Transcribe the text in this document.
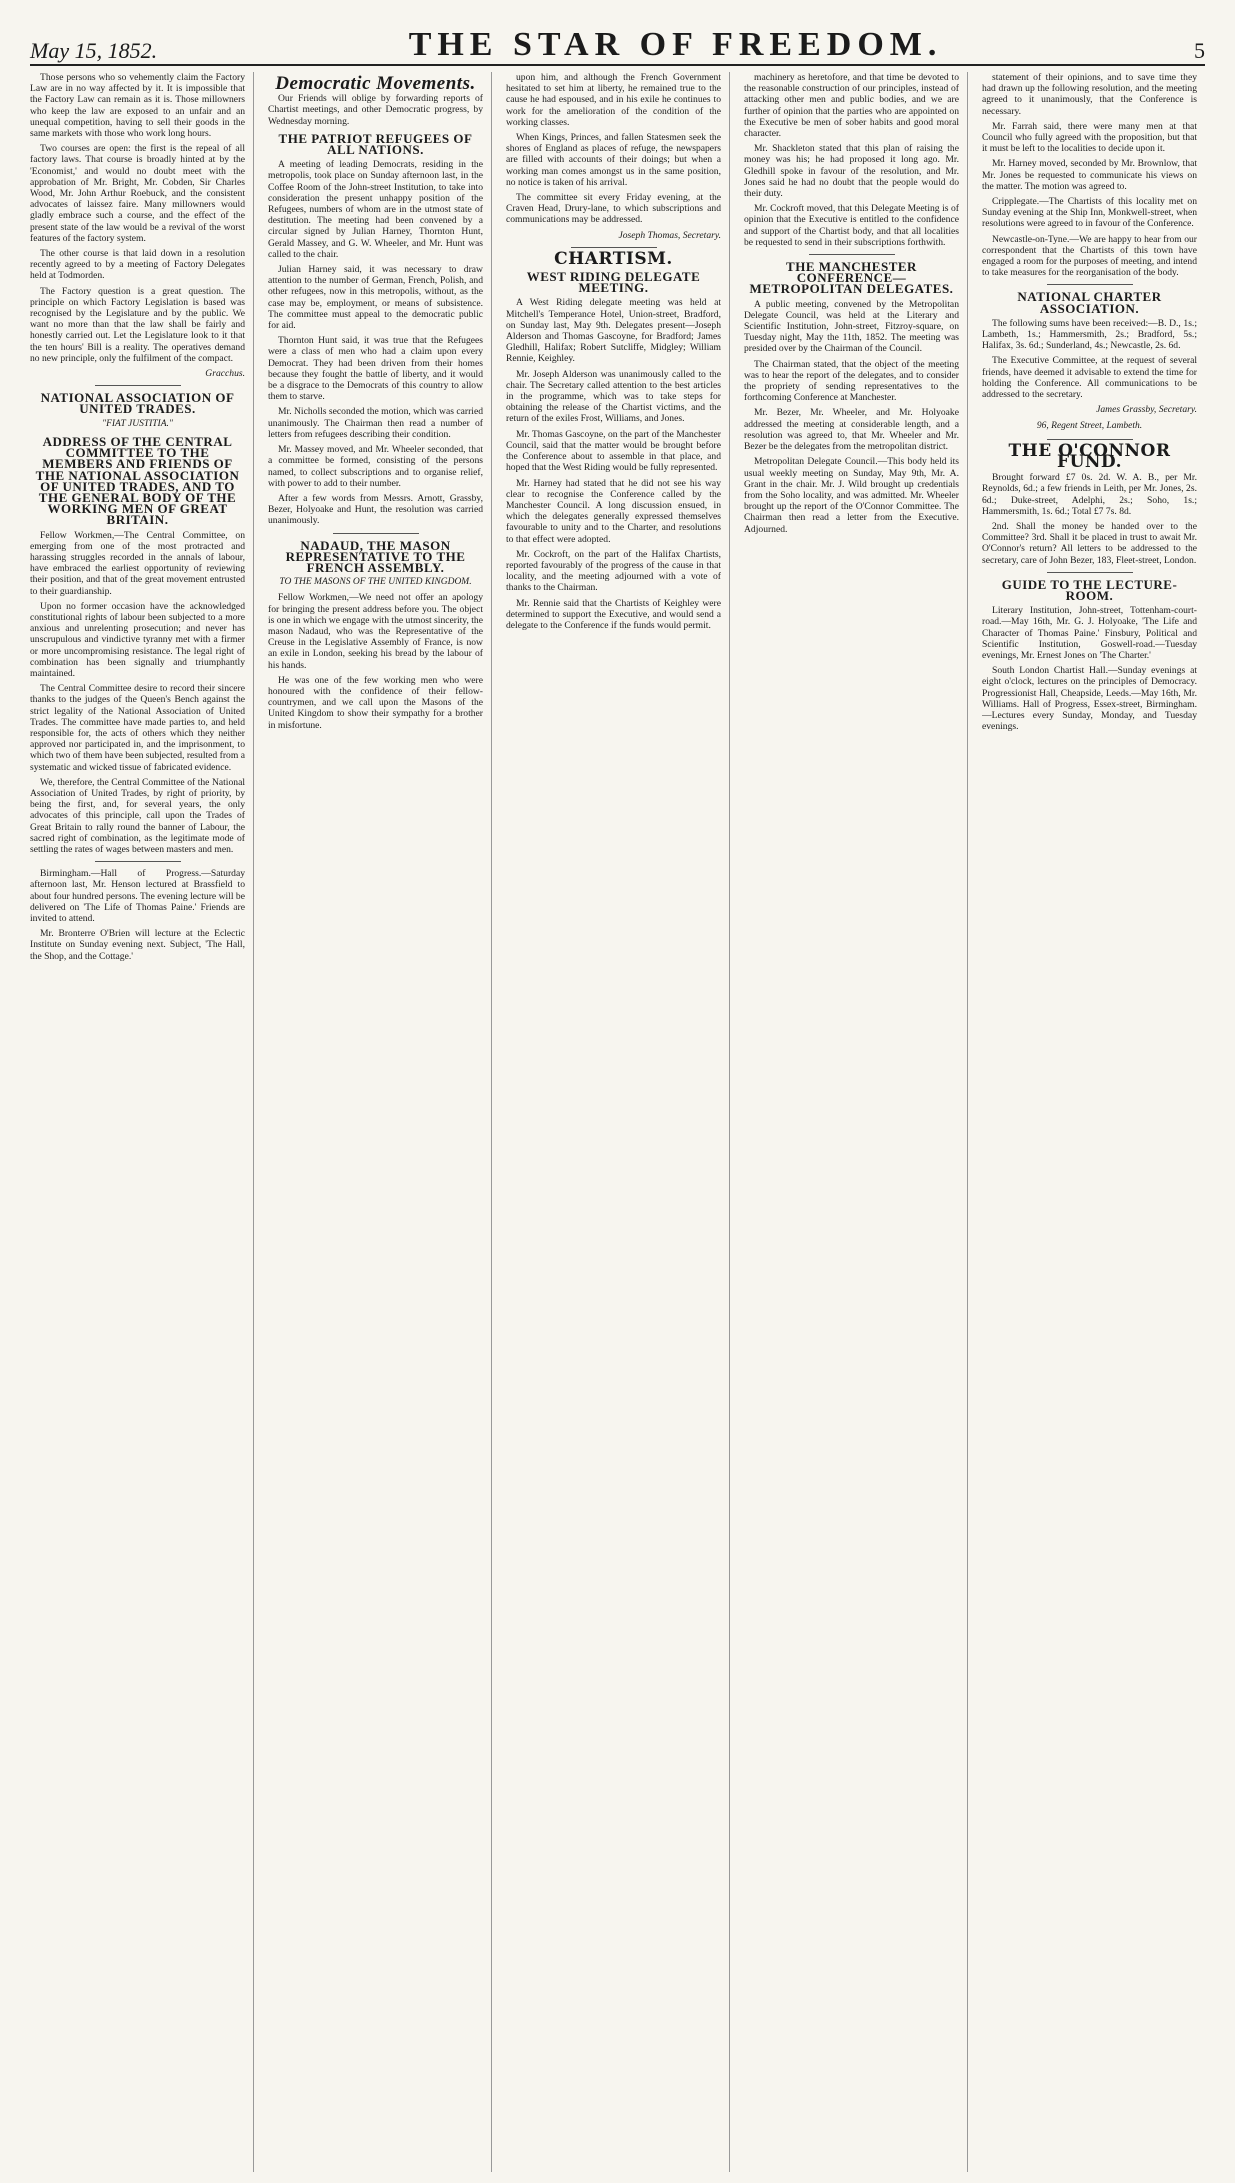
May 15, 1852.	THE STAR OF FREEDOM.	5

Those persons who so vehemently claim the Factory Law are in no way affected by it. It is impossible that the Factory Law can remain as it is. Those millowners who keep the law are exposed to an unfair and an unequal competition, having to sell their goods in the same markets with those who work long hours.

Two courses are open: the first is the repeal of all factory laws. That course is broadly hinted at by the 'Economist,' and would no doubt meet with the approbation of Mr. Bright, Mr. Cobden, Sir Charles Wood, Mr. John Arthur Roebuck, and the consistent advocates of laissez faire. Many millowners would gladly embrace such a course, and the effect of the present state of the law would be a revival of the worst features of the factory system.

The other course is that laid down in a resolution recently agreed to by a meeting of Factory Delegates held at Todmorden.

The Factory question is a great question. The principle on which Factory Legislation is based was recognised by the Legislature and by the public. We want no more than that the law shall be fairly and honestly carried out. Let the Legislature look to it that the ten hours' Bill is a reality. The operatives demand no new principle, only the fulfilment of the compact.

Gracchus.
NATIONAL ASSOCIATION OF UNITED TRADES.
"FIAT JUSTITIA."
ADDRESS OF THE CENTRAL COMMITTEE TO THE MEMBERS AND FRIENDS OF THE NATIONAL ASSOCIATION OF UNITED TRADES, AND TO THE GENERAL BODY OF THE WORKING MEN OF GREAT BRITAIN.

Fellow Workmen,—The Central Committee, on emerging from one of the most protracted and harassing struggles recorded in the annals of labour, have embraced the earliest opportunity of reviewing their position, and that of the great movement entrusted to their guardianship.

Upon no former occasion have the acknowledged constitutional rights of labour been subjected to a more anxious and unrelenting prosecution; and never has unscrupulous and vindictive tyranny met with a firmer or more uncompromising resistance. The legal right of combination has been signally and triumphantly maintained.

The Central Committee desire to record their sincere thanks to the judges of the Queen's Bench against the strict legality of the National Association of United Trades. The committee have made parties to, and held responsible for, the acts of others which they neither approved nor participated in, and the imprisonment, to which two of them have been subjected, resulted from a systematic and wicked tissue of fabricated evidence.

We, therefore, the Central Committee of the National Association of United Trades, by right of priority, by being the first, and, for several years, the only advocates of this principle, call upon the Trades of Great Britain to rally round the banner of Labour, the sacred right of combination, as the legitimate mode of settling the rates of wages between masters and men.

Birmingham.—Hall of Progress.—Saturday afternoon last, Mr. Henson lectured at Brassfield to about four hundred persons. The evening lecture will be delivered on 'The Life of Thomas Paine.' Friends are invited to attend.

Mr. Bronterre O'Brien will lecture at the Eclectic Institute on Sunday evening next. Subject, 'The Hall, the Shop, and the Cottage.'

Democratic Movements.

Our Friends will oblige by forwarding reports of Chartist meetings, and other Democratic progress, by Wednesday morning.

THE PATRIOT REFUGEES OF ALL NATIONS.

A meeting of leading Democrats, residing in the metropolis, took place on Sunday afternoon last, in the Coffee Room of the John-street Institution, to take into consideration the present unhappy position of the Refugees, numbers of whom are in the utmost state of destitution. The meeting had been convened by a circular signed by Julian Harney, Thornton Hunt, Gerald Massey, and G. W. Wheeler, and Mr. Hunt was called to the chair.

Julian Harney said, it was necessary to draw attention to the number of German, French, Polish, and other refugees, now in this metropolis, without, as the case may be, employment, or means of subsistence. The committee must appeal to the democratic public for aid.

Thornton Hunt said, it was true that the Refugees were a class of men who had a claim upon every Democrat. They had been driven from their homes because they fought the battle of liberty, and it would be a disgrace to the Democrats of this country to allow them to starve.

Mr. Nicholls seconded the motion, which was carried unanimously. The Chairman then read a number of letters from refugees describing their condition.

Mr. Massey moved, and Mr. Wheeler seconded, that a committee be formed, consisting of the persons named, to collect subscriptions and to organise relief, with power to add to their number.

After a few words from Messrs. Arnott, Grassby, Bezer, Holyoake and Hunt, the resolution was carried unanimously.

NADAUD, THE MASON REPRESENTATIVE TO THE FRENCH ASSEMBLY.
TO THE MASONS OF THE UNITED KINGDOM.

Fellow Workmen,—We need not offer an apology for bringing the present address before you. The object is one in which we engage with the utmost sincerity, the mason Nadaud, who was the Representative of the Creuse in the Legislative Assembly of France, is now an exile in London, seeking his bread by the labour of his hands.

He was one of the few working men who were honoured with the confidence of their fellow-countrymen, and we call upon the Masons of the United Kingdom to show their sympathy for a brother in misfortune.

upon him, and although the French Government hesitated to set him at liberty, he remained true to the cause he had espoused, and in his exile he continues to work for the amelioration of the condition of the working classes.

When Kings, Princes, and fallen Statesmen seek the shores of England as places of refuge, the newspapers are filled with accounts of their doings; but when a working man comes amongst us in the same position, no notice is taken of his arrival.

The committee sit every Friday evening, at the Craven Head, Drury-lane, to which subscriptions and communications may be addressed.

Joseph Thomas, Secretary.
CHARTISM.
WEST RIDING DELEGATE MEETING.

A West Riding delegate meeting was held at Mitchell's Temperance Hotel, Union-street, Bradford, on Sunday last, May 9th. Delegates present—Joseph Alderson and Thomas Gascoyne, for Bradford; James Gledhill, Halifax; Robert Sutcliffe, Midgley; William Rennie, Keighley.

Mr. Joseph Alderson was unanimously called to the chair. The Secretary called attention to the best articles in the programme, which was to take steps for obtaining the release of the Chartist victims, and the return of the exiles Frost, Williams, and Jones.

Mr. Thomas Gascoyne, on the part of the Manchester Council, said that the matter would be brought before the Conference about to assemble in that place, and hoped that the West Riding would be fully represented.

Mr. Harney had stated that he did not see his way clear to recognise the Conference called by the Manchester Council. A long discussion ensued, in which the delegates generally expressed themselves favourable to unity and to the Charter, and resolutions to that effect were adopted.

Mr. Cockroft, on the part of the Halifax Chartists, reported favourably of the progress of the cause in that locality, and the meeting adjourned with a vote of thanks to the Chairman.

Mr. Rennie said that the Chartists of Keighley were determined to support the Executive, and would send a delegate to the Conference if the funds would permit.

machinery as heretofore, and that time be devoted to the reasonable construction of our principles, instead of attacking other men and public bodies, and we are further of opinion that the parties who are appointed on the Executive be men of sober habits and good moral character.

Mr. Shackleton stated that this plan of raising the money was his; he had proposed it long ago. Mr. Gledhill spoke in favour of the resolution, and Mr. Jones said he had no doubt that the people would do their duty.

Mr. Cockroft moved, that this Delegate Meeting is of opinion that the Executive is entitled to the confidence and support of the Chartist body, and that all localities be requested to send in their subscriptions forthwith.

THE MANCHESTER CONFERENCE—METROPOLITAN DELEGATES.

A public meeting, convened by the Metropolitan Delegate Council, was held at the Literary and Scientific Institution, John-street, Fitzroy-square, on Tuesday night, May the 11th, 1852. The meeting was presided over by the Chairman of the Council.

The Chairman stated, that the object of the meeting was to hear the report of the delegates, and to consider the propriety of sending representatives to the forthcoming Conference at Manchester.

Mr. Bezer, Mr. Wheeler, and Mr. Holyoake addressed the meeting at considerable length, and a resolution was agreed to, that Mr. Wheeler and Mr. Bezer be the delegates from the metropolitan district.

Metropolitan Delegate Council.—This body held its usual weekly meeting on Sunday, May 9th, Mr. A. Grant in the chair. Mr. J. Wild brought up credentials from the Soho locality, and was admitted. Mr. Wheeler brought up the report of the O'Connor Committee. The Chairman then read a letter from the Executive. Adjourned.

statement of their opinions, and to save time they had drawn up the following resolution, and the meeting agreed to it unanimously, that the Conference is necessary.

Mr. Farrah said, there were many men at that Council who fully agreed with the proposition, but that it must be left to the localities to decide upon it.

Mr. Harney moved, seconded by Mr. Brownlow, that Mr. Jones be requested to communicate his views on the matter. The motion was agreed to.

Cripplegate.—The Chartists of this locality met on Sunday evening at the Ship Inn, Monkwell-street, when resolutions were agreed to in favour of the Conference.

Newcastle-on-Tyne.—We are happy to hear from our correspondent that the Chartists of this town have engaged a room for the purposes of meeting, and intend to take measures for the reorganisation of the body.

NATIONAL CHARTER ASSOCIATION.

The following sums have been received:—B. D., 1s.; Lambeth, 1s.; Hammersmith, 2s.; Bradford, 5s.; Halifax, 3s. 6d.; Sunderland, 4s.; Newcastle, 2s. 6d.

The Executive Committee, at the request of several friends, have deemed it advisable to extend the time for holding the Conference. All communications to be addressed to the secretary.

James Grassby, Secretary.
96, Regent Street, Lambeth.
THE O'CONNOR FUND.

Brought forward £7 0s. 2d. W. A. B., per Mr. Reynolds, 6d.; a few friends in Leith, per Mr. Jones, 2s. 6d.; Duke-street, Adelphi, 2s.; Soho, 1s.; Hammersmith, 1s. 6d.; Total £7 7s. 8d.

2nd. Shall the money be handed over to the Committee? 3rd. Shall it be placed in trust to await Mr. O'Connor's return? All letters to be addressed to the secretary, care of John Bezer, 183, Fleet-street, London.

GUIDE TO THE LECTURE-ROOM.

Literary Institution, John-street, Tottenham-court-road.—May 16th, Mr. G. J. Holyoake, 'The Life and Character of Thomas Paine.' Finsbury, Political and Scientific Institution, Goswell-road.—Tuesday evenings, Mr. Ernest Jones on 'The Charter.'

South London Chartist Hall.—Sunday evenings at eight o'clock, lectures on the principles of Democracy. Progressionist Hall, Cheapside, Leeds.—May 16th, Mr. Williams. Hall of Progress, Essex-street, Birmingham.—Lectures every Sunday, Monday, and Tuesday evenings.
